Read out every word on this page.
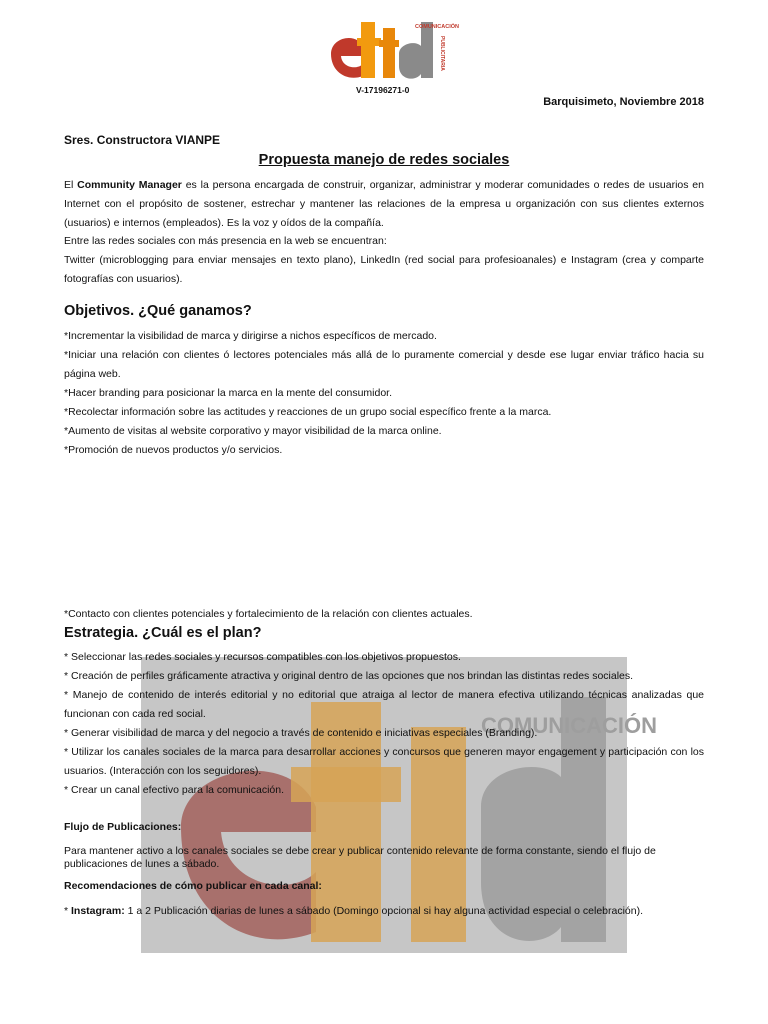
COMUNICACIÓN
COMUNICACIÓN
PUBLICITARIA
V-17196271-0
Barquisimeto, Noviembre 2018
Sres. Constructora VIANPE
Propuesta manejo de redes sociales
El Community Manager es la persona encargada de construir, organizar, administrar y moderar comunidades o redes de usuarios en Internet con el propósito de sostener, estrechar y mantener las relaciones de la empresa u organización con sus clientes externos (usuarios) e internos (empleados). Es la voz y oídos de la compañía.
Entre las redes sociales con más presencia en la web se encuentran:
Twitter (microblogging para enviar mensajes en texto plano), LinkedIn (red social para profesioanales) e Instagram (crea y comparte fotografías con usuarios).
Objetivos. ¿Qué ganamos?
*Incrementar la visibilidad de marca y dirigirse a nichos específicos de mercado.
*Iniciar una relación con clientes ó lectores potenciales más allá de lo puramente comercial y desde ese lugar enviar tráfico hacia su página web.
*Hacer branding para posicionar la marca en la mente del consumidor.
*Recolectar información sobre las actitudes y reacciones de un grupo social específico frente a la marca.
*Aumento de visitas al website corporativo y mayor visibilidad de la marca online.
*Promoción de nuevos productos y/o servicios.
*Contacto con clientes potenciales y fortalecimiento de la relación con clientes actuales.
Estrategia. ¿Cuál es el plan?
* Seleccionar las redes sociales y recursos compatibles con los objetivos propuestos.
* Creación de perfiles gráficamente atractiva y original dentro de las opciones que nos brindan las distintas redes sociales.
* Manejo de contenido de interés editorial y no editorial que atraiga al lector de manera efectiva utilizando técnicas analizadas que funcionan con cada red social.
* Generar visibilidad de marca y del negocio a través de contenido e iniciativas especiales (Branding).
* Utilizar los canales sociales de la marca para desarrollar acciones y concursos que generen mayor engagement y participación con los usuarios. (Interacción con los seguidores).
* Crear un canal efectivo para la comunicación.
Flujo de Publicaciones:
Para mantener activo a los canales sociales se debe crear y publicar contenido relevante de forma constante, siendo el flujo de publicaciones de lunes a sábado.
Recomendaciones de cómo publicar en cada canal:
* Instagram: 1 a 2 Publicación diarias de lunes a sábado (Domingo opcional si hay alguna actividad especial o celebración).
